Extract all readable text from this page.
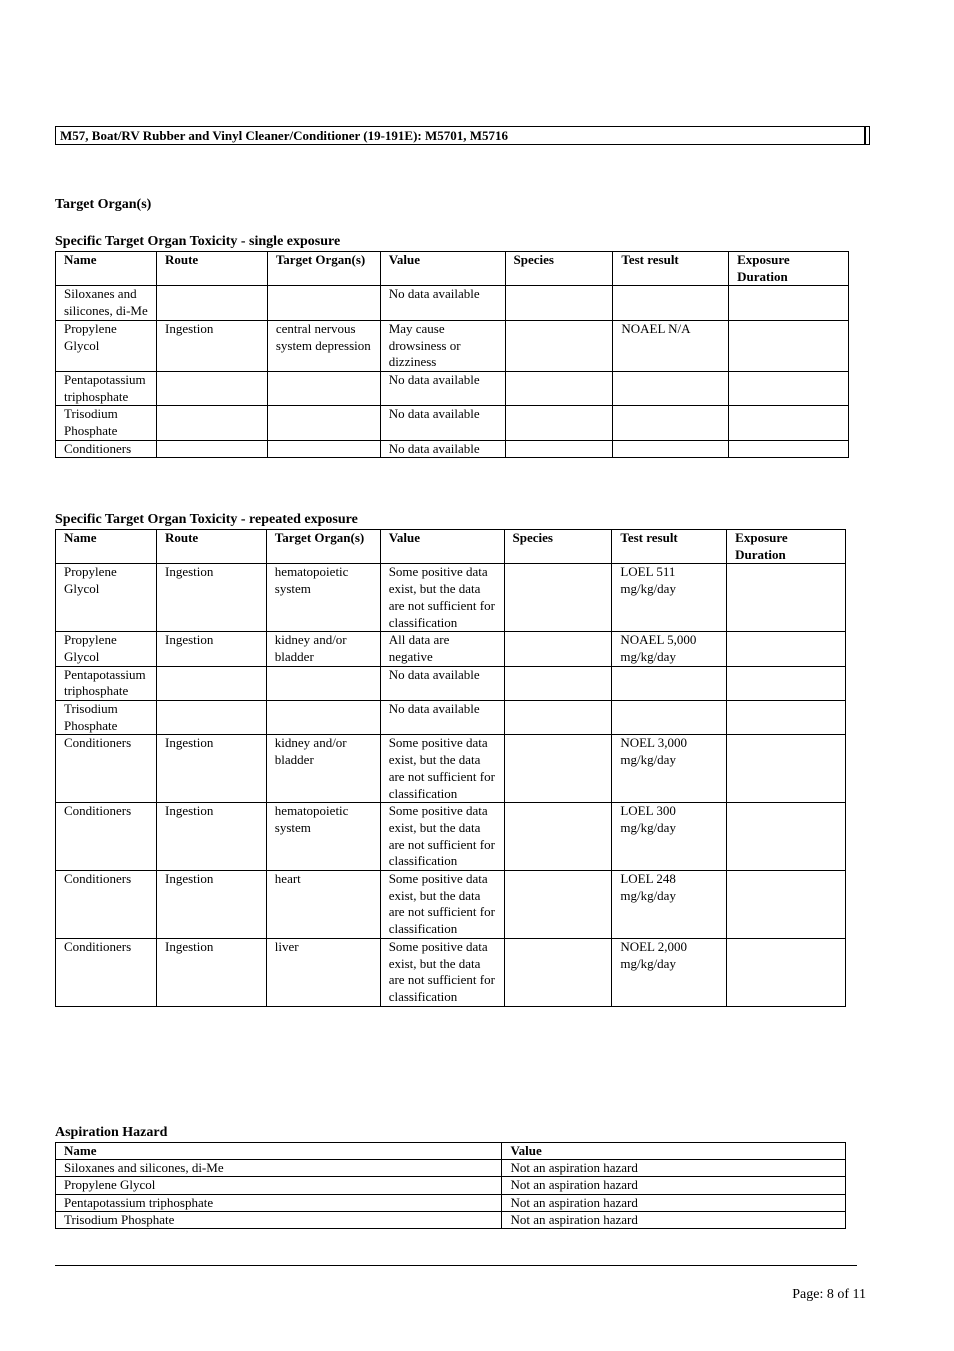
M57, Boat/RV Rubber and Vinyl Cleaner/Conditioner (19-191E): M5701, M5716
Target Organ(s)
Specific Target Organ Toxicity - single exposure
Name	Route	Target Organ(s)	Value	Species	Test result	Exposure Duration
Siloxanes and silicones, di-Me			No data available			
Propylene Glycol	Ingestion	central nervous system depression	May cause drowsiness or dizziness		NOAEL N/A	
Pentapotassium triphosphate			No data available			
Trisodium Phosphate			No data available			
Conditioners			No data available			
Specific Target Organ Toxicity - repeated exposure
Name	Route	Target Organ(s)	Value	Species	Test result	Exposure Duration
Propylene Glycol	Ingestion	hematopoietic system	Some positive data exist, but the data are not sufficient for classification		LOEL 511 mg/kg/day	
Propylene Glycol	Ingestion	kidney and/or bladder	All data are negative		NOAEL 5,000 mg/kg/day	
Pentapotassium triphosphate			No data available			
Trisodium Phosphate			No data available			
Conditioners	Ingestion	kidney and/or bladder	Some positive data exist, but the data are not sufficient for classification		NOEL 3,000 mg/kg/day	
Conditioners	Ingestion	hematopoietic system	Some positive data exist, but the data are not sufficient for classification		LOEL 300 mg/kg/day	
Conditioners	Ingestion	heart	Some positive data exist, but the data are not sufficient for classification		LOEL 248 mg/kg/day	
Conditioners	Ingestion	liver	Some positive data exist, but the data are not sufficient for classification		NOEL 2,000 mg/kg/day	
Aspiration Hazard
Name	Value
Siloxanes and silicones, di-Me	Not an aspiration hazard
Propylene Glycol	Not an aspiration hazard
Pentapotassium triphosphate	Not an aspiration hazard
Trisodium Phosphate	Not an aspiration hazard
Page: 8 of 11
